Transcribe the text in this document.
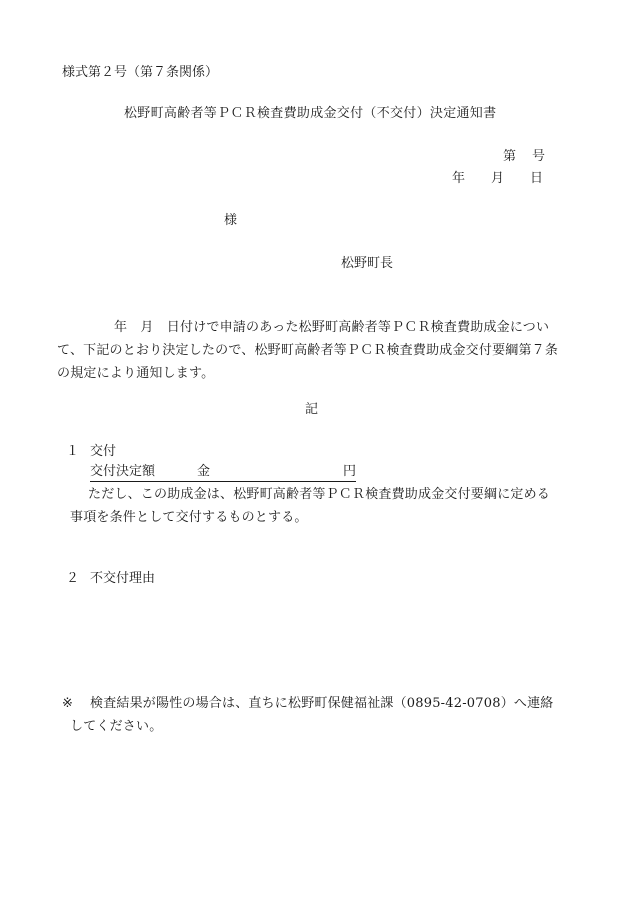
様式第２号（第７条関係）
松野町高齢者等ＰＣＲ検査費助成金交付（不交付）決定通知書
第 号
年 月 日
様
松野町長
年　月　日付けで申請のあった松野町高齢者等ＰＣＲ検査費助成金について、下記のとおり決定したので、松野町高齢者等ＰＣＲ検査費助成金交付要綱第７条の規定により通知します。
記
１ 交付
交付決定額	金	円
ただし、この助成金は、松野町高齢者等ＰＣＲ検査費助成金交付要綱に定める事項を条件として交付するものとする。
２ 不交付理由
※	検査結果が陽性の場合は、直ちに松野町保健福祉課（0895-42-0708）へ連絡してください。
